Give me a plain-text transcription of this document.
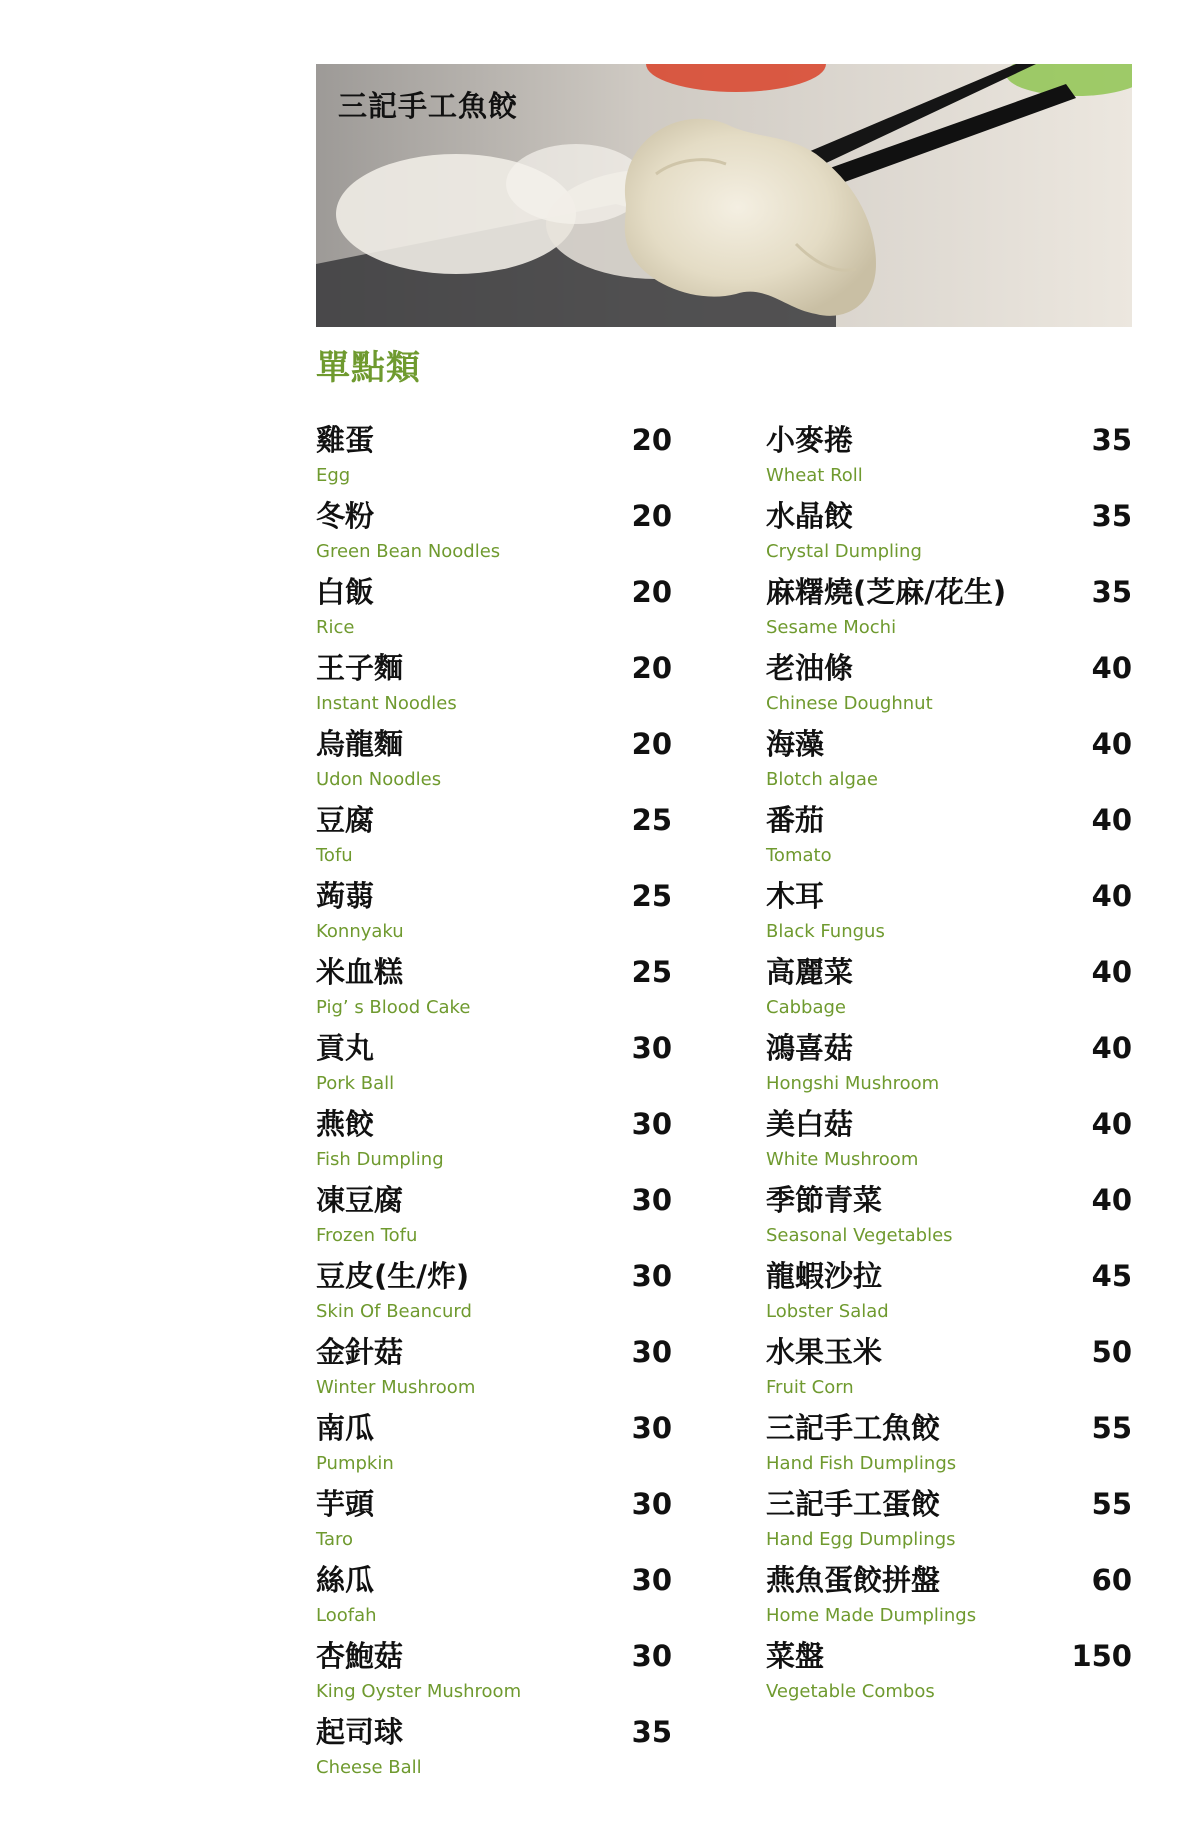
三記手工魚餃
單點類
雞蛋	20
Egg
冬粉	20
Green Bean Noodles
白飯	20
Rice
王子麵	20
Instant Noodles
烏龍麵	20
Udon Noodles
豆腐	25
Tofu
蒟蒻	25
Konnyaku
米血糕	25
Pig’ s Blood Cake
貢丸	30
Pork Ball
燕餃	30
Fish Dumpling
凍豆腐	30
Frozen Tofu
豆皮(生/炸)	30
Skin Of Beancurd
金針菇	30
Winter Mushroom
南瓜	30
Pumpkin
芋頭	30
Taro
絲瓜	30
Loofah
杏鮑菇	30
King Oyster Mushroom
起司球	35
Cheese Ball
小麥捲	35
Wheat Roll
水晶餃	35
Crystal Dumpling
麻糬燒(芝麻/花生)	35
Sesame Mochi
老油條	40
Chinese Doughnut
海藻	40
Blotch algae
番茄	40
Tomato
木耳	40
Black Fungus
高麗菜	40
Cabbage
鴻喜菇	40
Hongshi Mushroom
美白菇	40
White Mushroom
季節青菜	40
Seasonal Vegetables
龍蝦沙拉	45
Lobster Salad
水果玉米	50
Fruit Corn
三記手工魚餃	55
Hand Fish Dumplings
三記手工蛋餃	55
Hand Egg Dumplings
燕魚蛋餃拼盤	60
Home Made Dumplings
菜盤	150
Vegetable Combos
